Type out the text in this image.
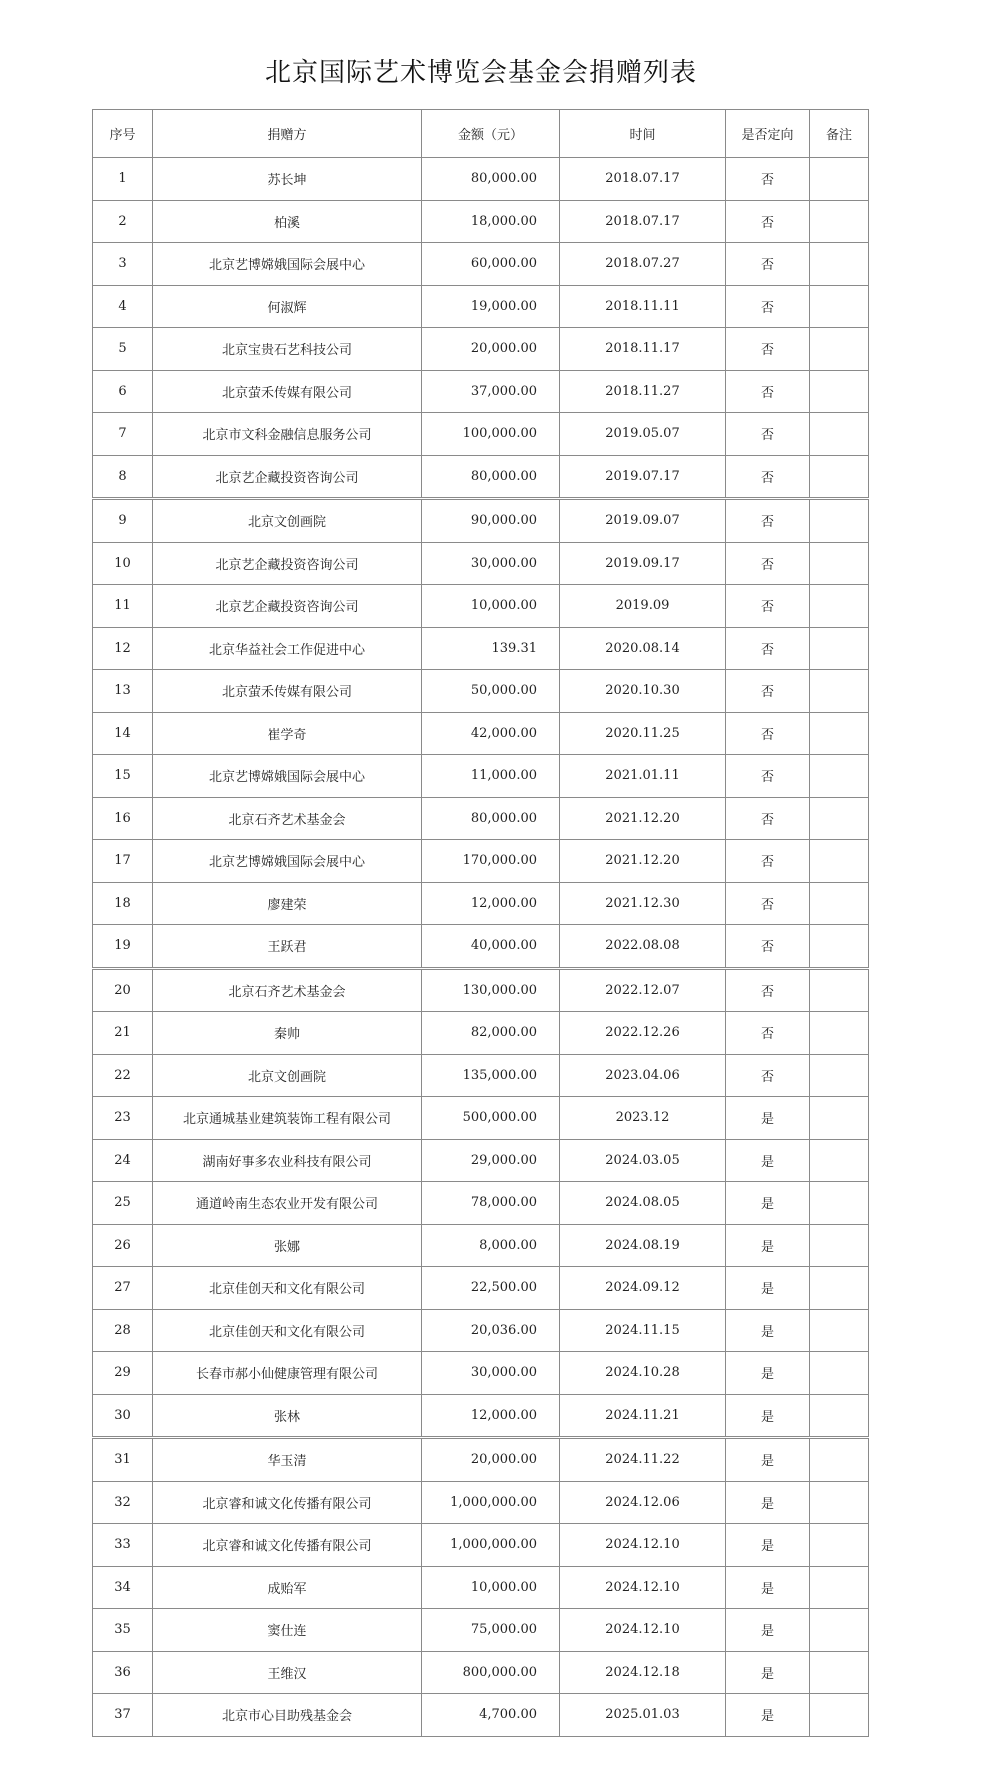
北京国际艺术博览会基金会捐赠列表
序号	捐赠方	金额（元）	时间	是否定向	备注
1	苏长坤	80,000.00	2018.07.17	否	
2	柏溪	18,000.00	2018.07.17	否	
3	北京艺博嫦娥国际会展中心	60,000.00	2018.07.27	否	
4	何淑辉	19,000.00	2018.11.11	否	
5	北京宝贵石艺科技公司	20,000.00	2018.11.17	否	
6	北京萤禾传媒有限公司	37,000.00	2018.11.27	否	
7	北京市文科金融信息服务公司	100,000.00	2019.05.07	否	
8	北京艺企藏投资咨询公司	80,000.00	2019.07.17	否	
9	北京文创画院	90,000.00	2019.09.07	否	
10	北京艺企藏投资咨询公司	30,000.00	2019.09.17	否	
11	北京艺企藏投资咨询公司	10,000.00	2019.09	否	
12	北京华益社会工作促进中心	139.31	2020.08.14	否	
13	北京萤禾传媒有限公司	50,000.00	2020.10.30	否	
14	崔学奇	42,000.00	2020.11.25	否	
15	北京艺博嫦娥国际会展中心	11,000.00	2021.01.11	否	
16	北京石齐艺术基金会	80,000.00	2021.12.20	否	
17	北京艺博嫦娥国际会展中心	170,000.00	2021.12.20	否	
18	廖建荣	12,000.00	2021.12.30	否	
19	王跃君	40,000.00	2022.08.08	否	
20	北京石齐艺术基金会	130,000.00	2022.12.07	否	
21	秦帅	82,000.00	2022.12.26	否	
22	北京文创画院	135,000.00	2023.04.06	否	
23	北京通城基业建筑装饰工程有限公司	500,000.00	2023.12	是	
24	湖南好事多农业科技有限公司	29,000.00	2024.03.05	是	
25	通道岭南生态农业开发有限公司	78,000.00	2024.08.05	是	
26	张娜	8,000.00	2024.08.19	是	
27	北京佳创天和文化有限公司	22,500.00	2024.09.12	是	
28	北京佳创天和文化有限公司	20,036.00	2024.11.15	是	
29	长春市郝小仙健康管理有限公司	30,000.00	2024.10.28	是	
30	张林	12,000.00	2024.11.21	是	
31	华玉清	20,000.00	2024.11.22	是	
32	北京睿和诚文化传播有限公司	1,000,000.00	2024.12.06	是	
33	北京睿和诚文化传播有限公司	1,000,000.00	2024.12.10	是	
34	成贻军	10,000.00	2024.12.10	是	
35	窦仕连	75,000.00	2024.12.10	是	
36	王维汉	800,000.00	2024.12.18	是	
37	北京市心目助残基金会	4,700.00	2025.01.03	是	
